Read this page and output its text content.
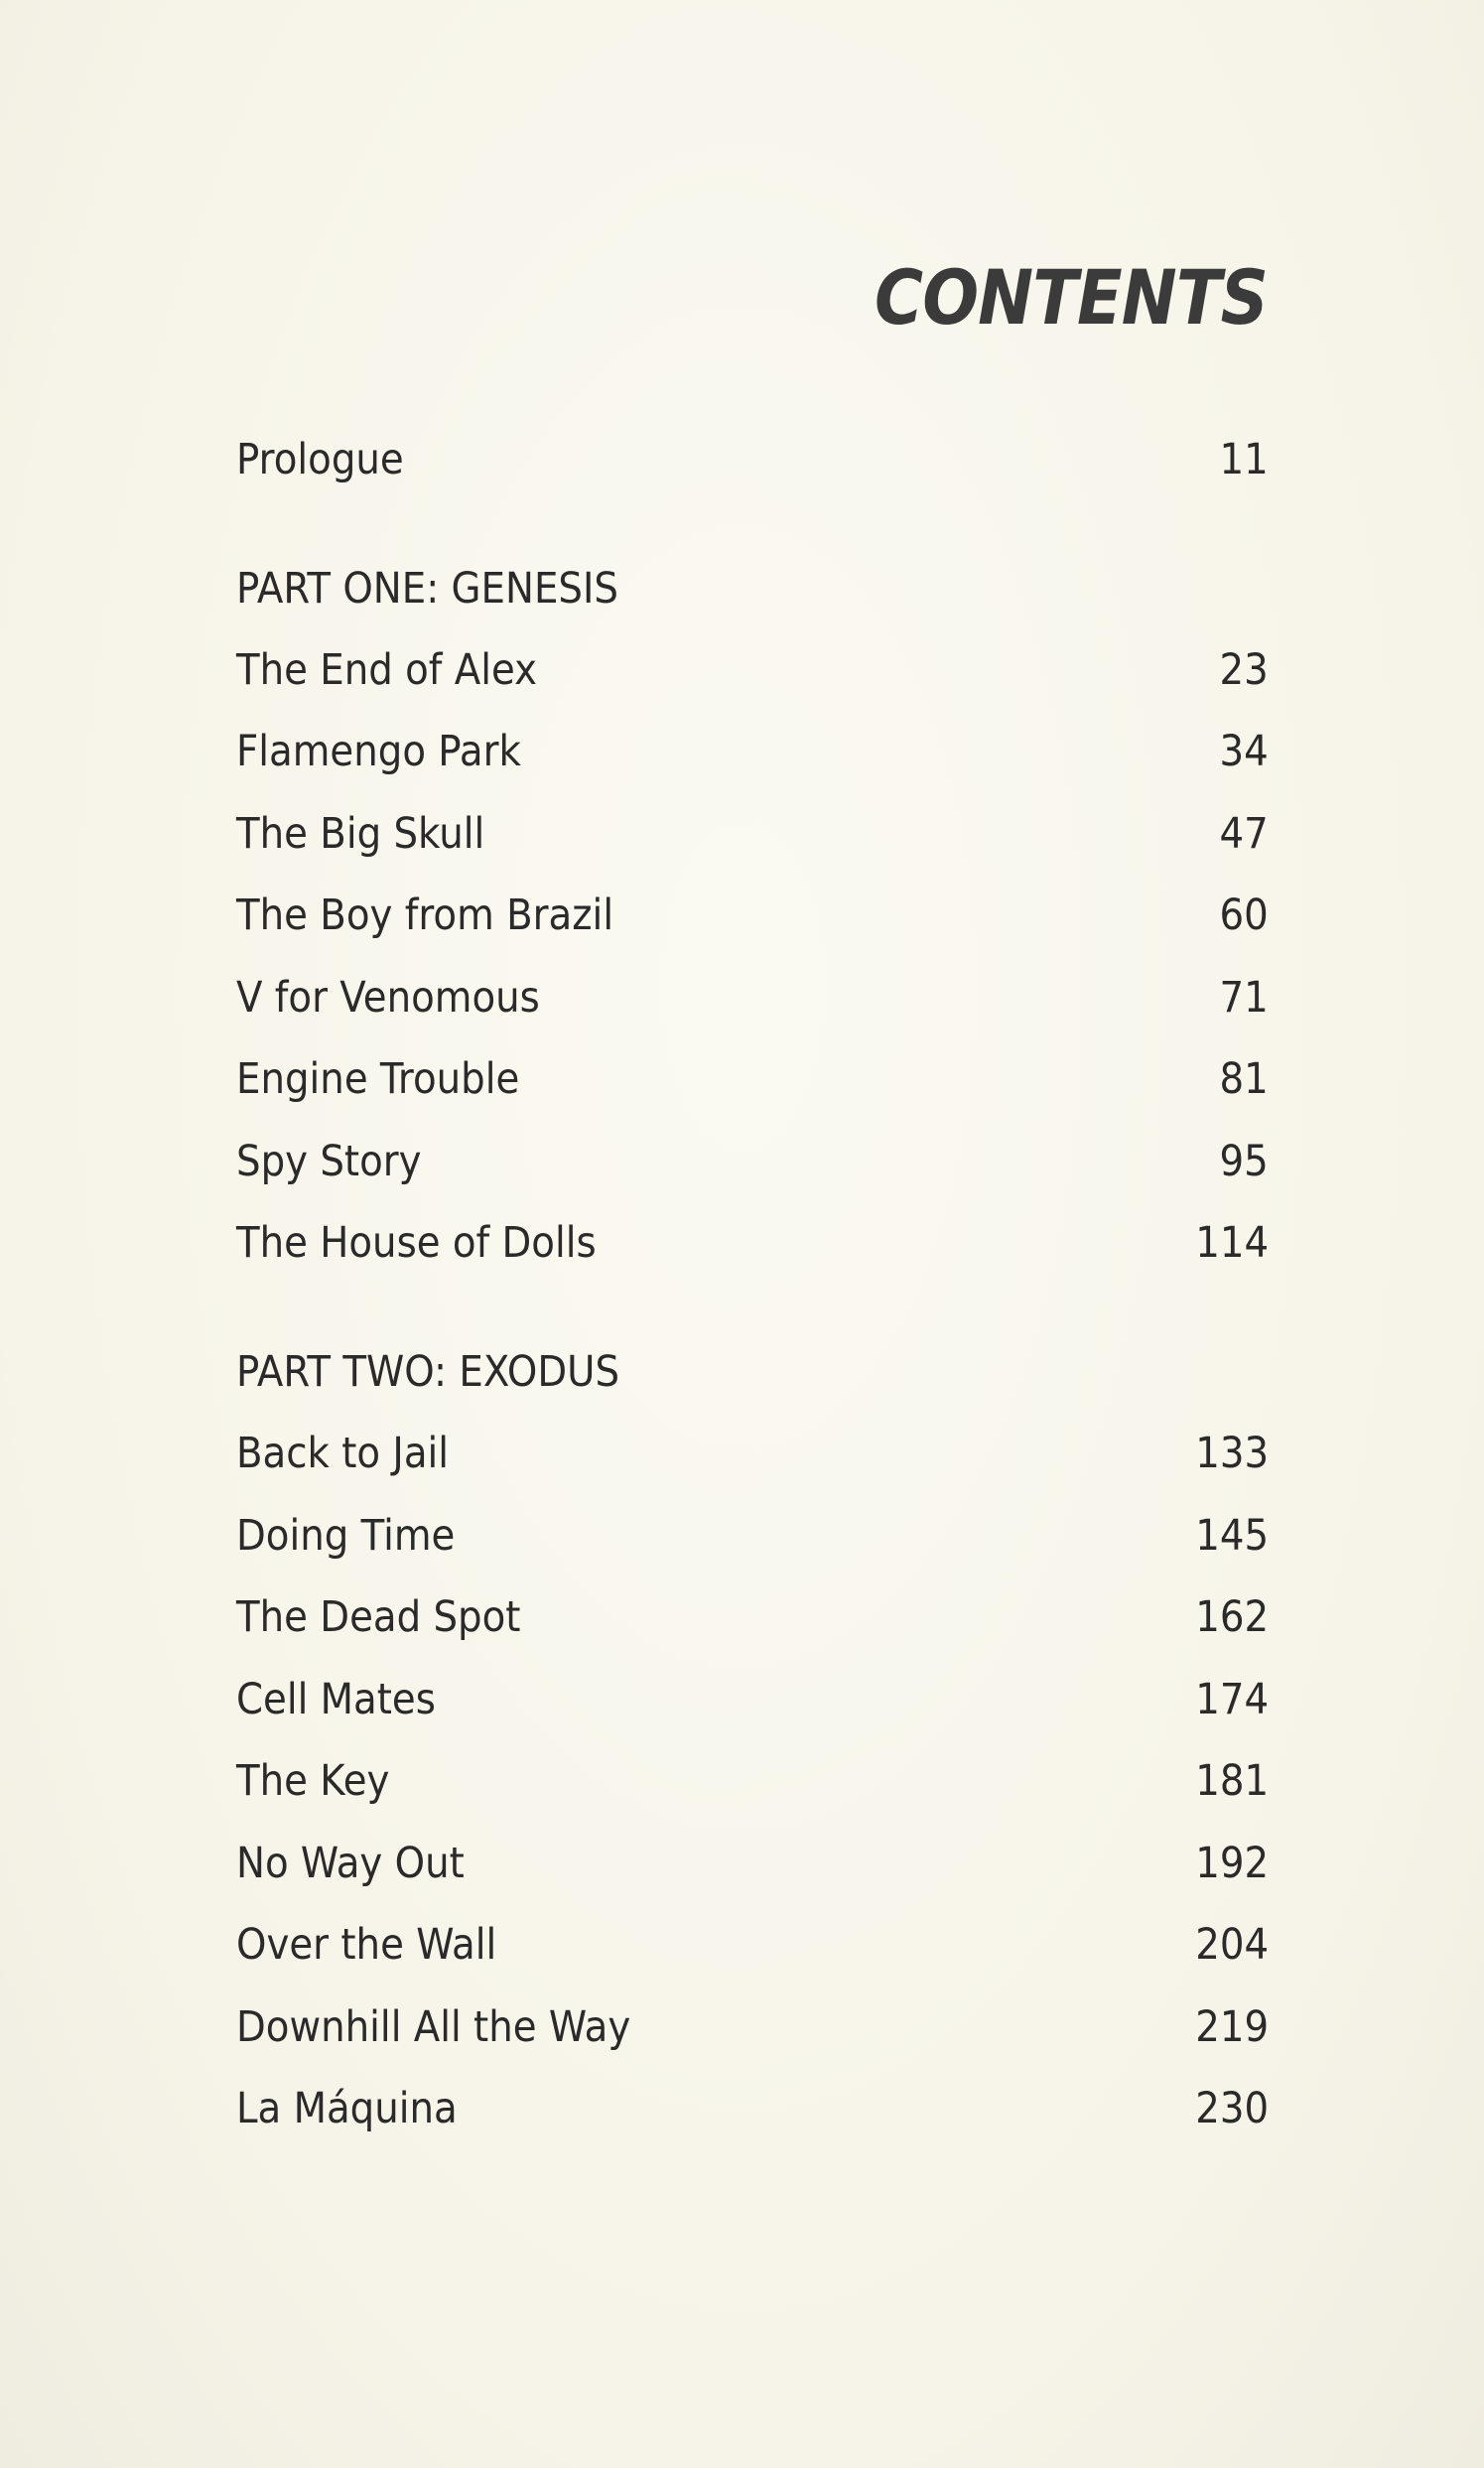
CONTENTS
Prologue	11
PART ONE: GENESIS
The End of Alex	23
Flamengo Park	34
The Big Skull	47
The Boy from Brazil	60
V for Venomous	71
Engine Trouble	81
Spy Story	95
The House of Dolls	114
PART TWO: EXODUS
Back to Jail	133
Doing Time	145
The Dead Spot	162
Cell Mates	174
The Key	181
No Way Out	192
Over the Wall	204
Downhill All the Way	219
La Máquina	230
